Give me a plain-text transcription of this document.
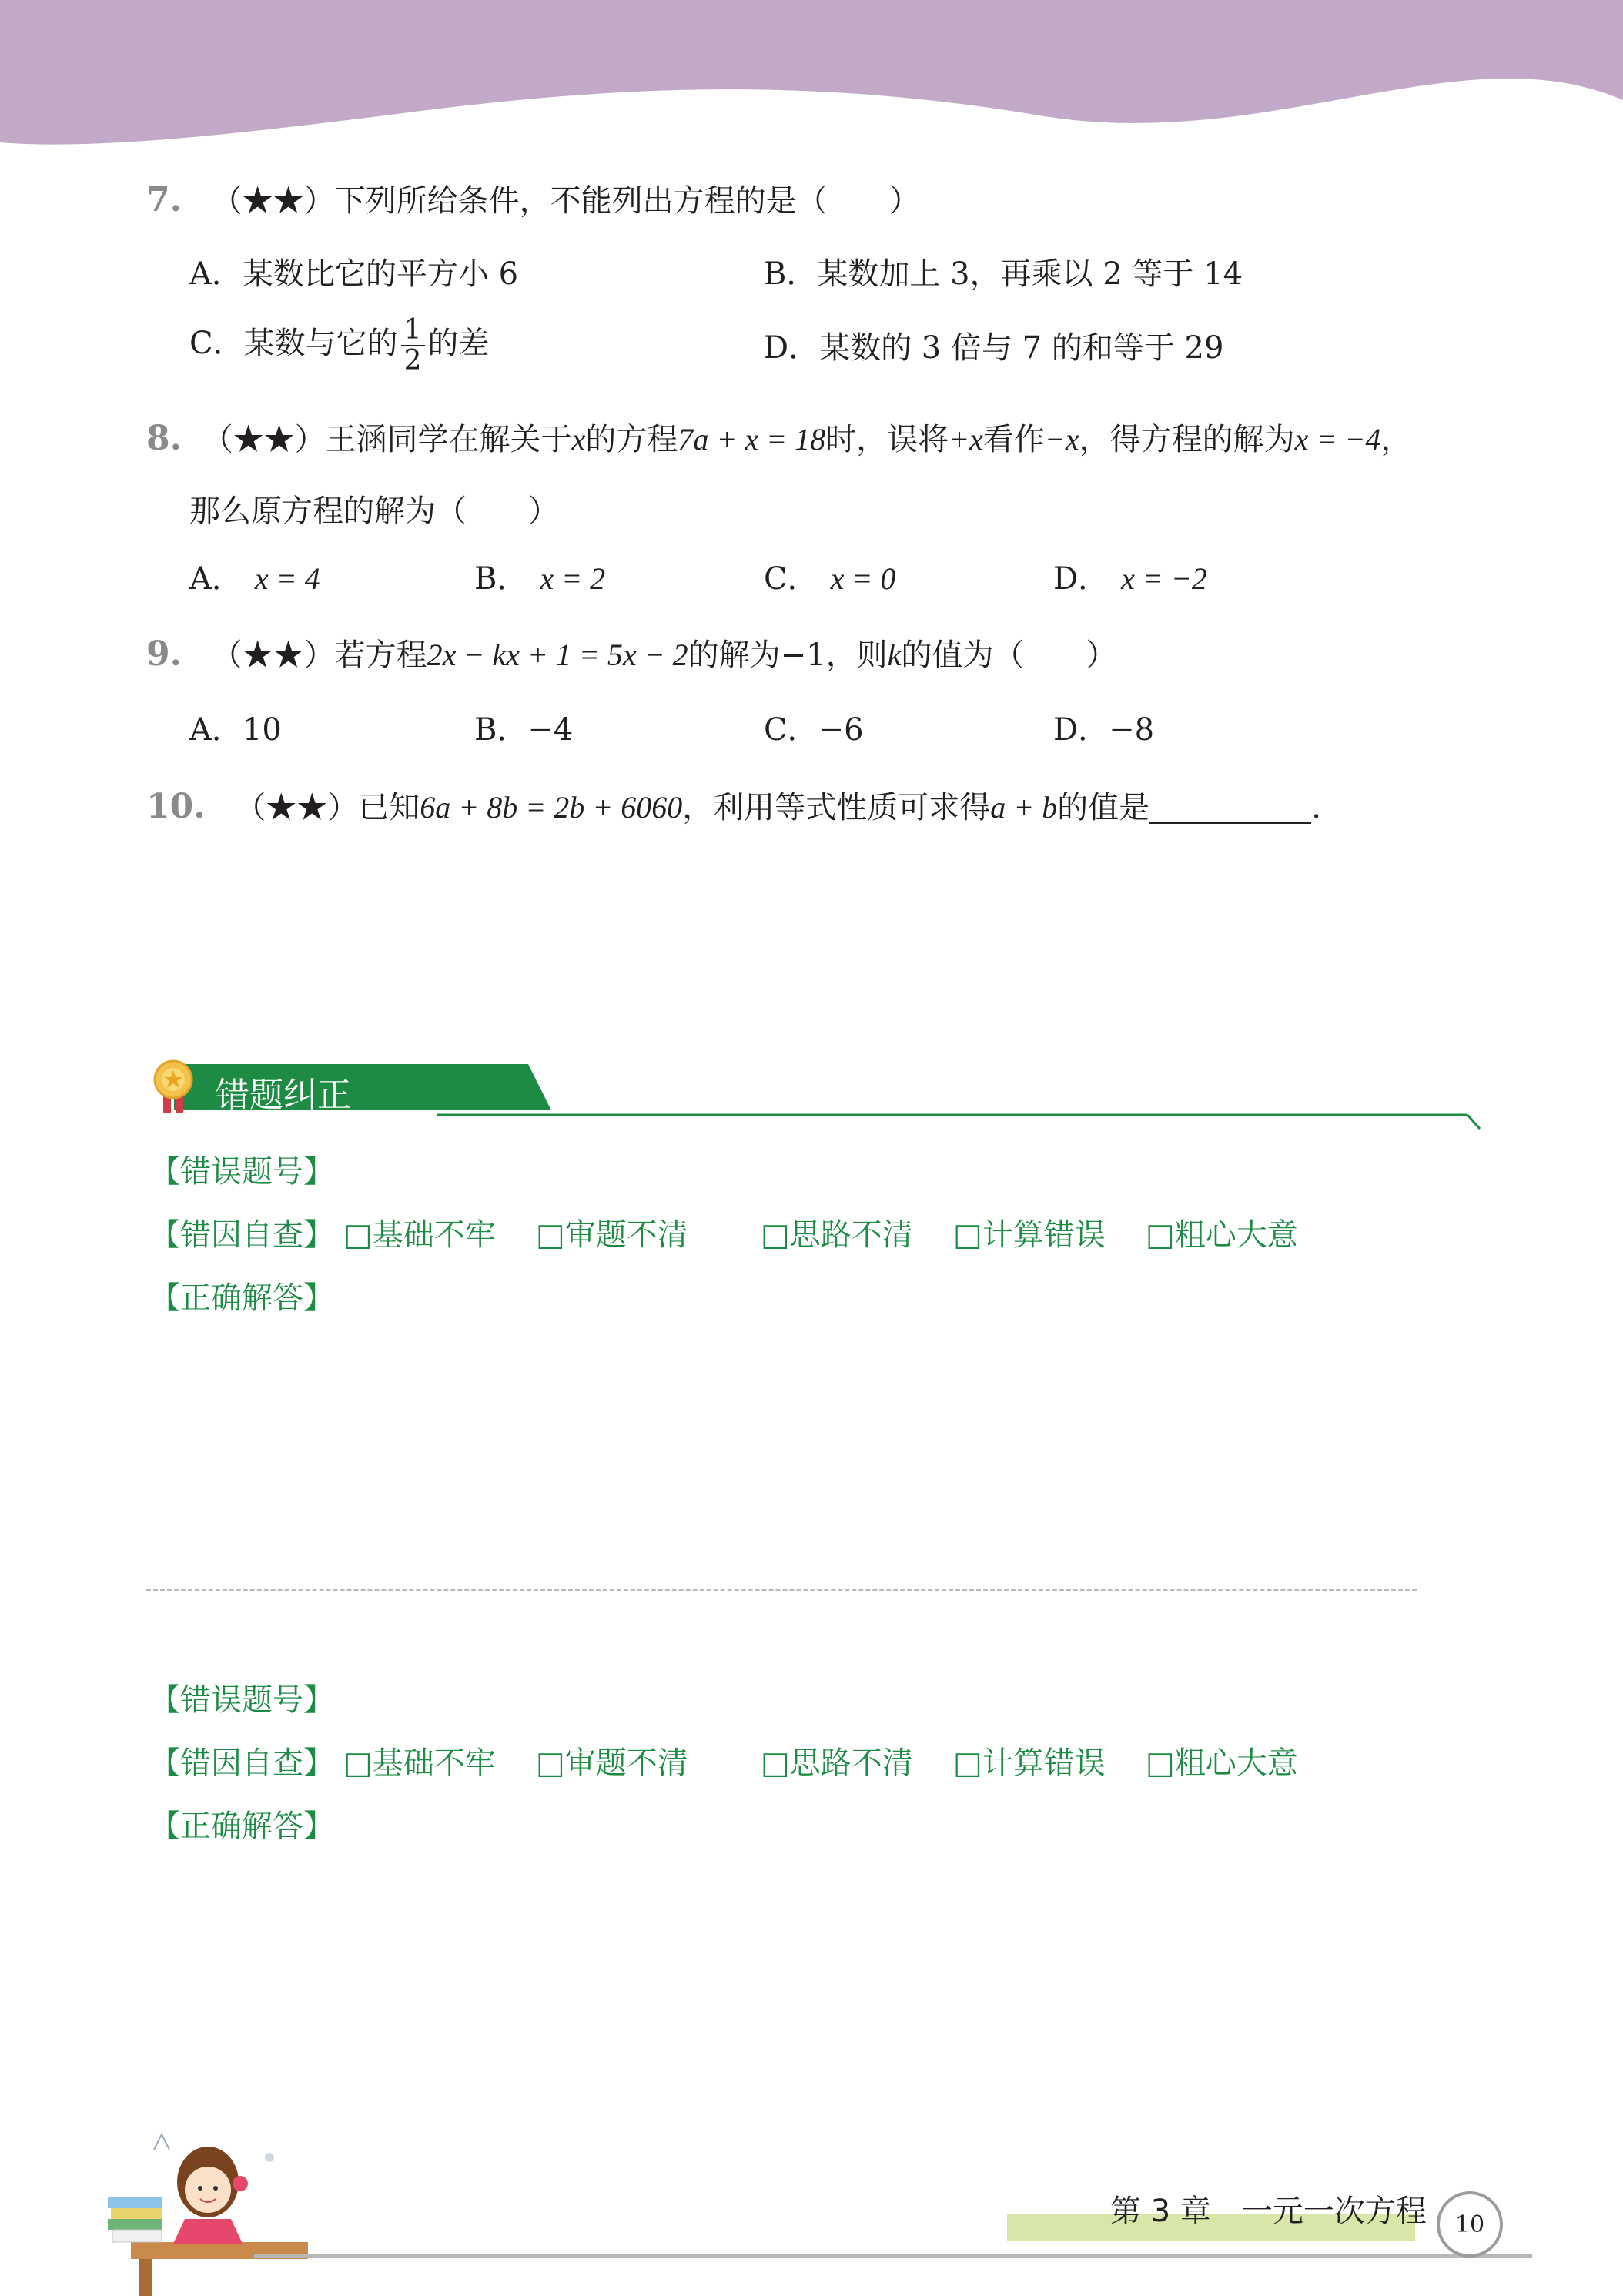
7. （★★）下列所给条件，不能列出方程的是（　　）
A．某数比它的平方小 6	B．某数加上 3，再乘以 2 等于 14
C．某数与它的 $\frac{1}{2}$ 的差	D．某数的 3 倍与 7 的和等于 29
8. （★★）王涵同学在解关于x的方程7a + x = 18时，误将+x看作−x，得方程的解为x = −4，
那么原方程的解为（　　）
A． x = 4	B． x = 2	C． x = 0	D． x = −2
9. （★★）若方程2x − kx + 1 = 5x − 2的解为−1，则k的值为（　　）
A．10	B．−4	C．−6	D．−8
10. （★★）已知6a + 8b = 2b + 6060，利用等式性质可求得a + b的值是	.
错题纠正
【错误题号】
【错因自查】 □基础不牢 □审题不清 □思路不清 □计算错误 □粗心大意
【正确解答】
【错误题号】
【错因自查】 □基础不牢 □审题不清 □思路不清 □计算错误 □粗心大意
【正确解答】
第 3 章　一元一次方程	10
